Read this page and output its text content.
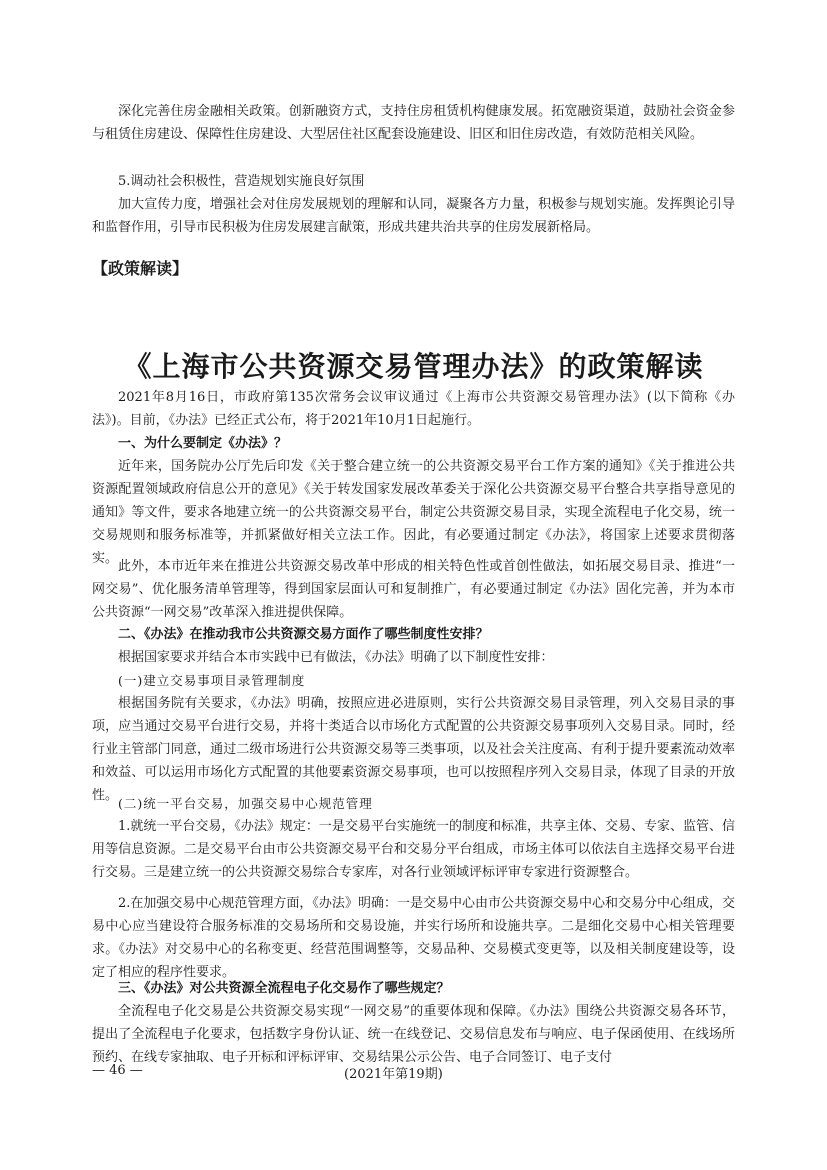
深化完善住房金融相关政策。创新融资方式，支持住房租赁机构健康发展。拓宽融资渠道，鼓励社会资金参与租赁住房建设、保障性住房建设、大型居住社区配套设施建设、旧区和旧住房改造，有效防范相关风险。

5.调动社会积极性，营造规划实施良好氛围

加大宣传力度，增强社会对住房发展规划的理解和认同，凝聚各方力量，积极参与规划实施。发挥舆论引导和监督作用，引导市民积极为住房发展建言献策，形成共建共治共享的住房发展新格局。

【政策解读】
《上海市公共资源交易管理办法》的政策解读

2021年8月16日，市政府第135次常务会议审议通过《上海市公共资源交易管理办法》(以下简称《办法》)。目前，《办法》已经正式公布，将于2021年10月1日起施行。

一、为什么要制定《办法》？

近年来，国务院办公厅先后印发《关于整合建立统一的公共资源交易平台工作方案的通知》《关于推进公共资源配置领域政府信息公开的意见》《关于转发国家发展改革委关于深化公共资源交易平台整合共享指导意见的通知》等文件，要求各地建立统一的公共资源交易平台，制定公共资源交易目录，实现全流程电子化交易，统一交易规则和服务标准等，并抓紧做好相关立法工作。因此，有必要通过制定《办法》，将国家上述要求贯彻落实。

此外，本市近年来在推进公共资源交易改革中形成的相关特色性或首创性做法，如拓展交易目录、推进“一网交易”、优化服务清单管理等，得到国家层面认可和复制推广，有必要通过制定《办法》固化完善，并为本市公共资源“一网交易”改革深入推进提供保障。

二、《办法》在推动我市公共资源交易方面作了哪些制度性安排？

根据国家要求并结合本市实践中已有做法，《办法》明确了以下制度性安排：

(一)建立交易事项目录管理制度

根据国务院有关要求，《办法》明确，按照应进必进原则，实行公共资源交易目录管理，列入交易目录的事项，应当通过交易平台进行交易，并将十类适合以市场化方式配置的公共资源交易事项列入交易目录。同时，经行业主管部门同意，通过二级市场进行公共资源交易等三类事项，以及社会关注度高、有利于提升要素流动效率和效益、可以运用市场化方式配置的其他要素资源交易事项，也可以按照程序列入交易目录，体现了目录的开放性。

(二)统一平台交易，加强交易中心规范管理

1.就统一平台交易，《办法》规定：一是交易平台实施统一的制度和标准，共享主体、交易、专家、监管、信用等信息资源。二是交易平台由市公共资源交易平台和交易分平台组成，市场主体可以依法自主选择交易平台进行交易。三是建立统一的公共资源交易综合专家库，对各行业领域评标评审专家进行资源整合。

2.在加强交易中心规范管理方面，《办法》明确：一是交易中心由市公共资源交易中心和交易分中心组成，交易中心应当建设符合服务标准的交易场所和交易设施，并实行场所和设施共享。二是细化交易中心相关管理要求。《办法》对交易中心的名称变更、经营范围调整等，交易品种、交易模式变更等，以及相关制度建设等，设定了相应的程序性要求。

三、《办法》对公共资源全流程电子化交易作了哪些规定？

全流程电子化交易是公共资源交易实现“一网交易”的重要体现和保障。《办法》围绕公共资源交易各环节，提出了全流程电子化要求，包括数字身份认证、统一在线登记、交易信息发布与响应、电子保函使用、在线场所预约、在线专家抽取、电子开标和评标评审、交易结果公示公告、电子合同签订、电子支付

— 46 —	(2021年第19期)
